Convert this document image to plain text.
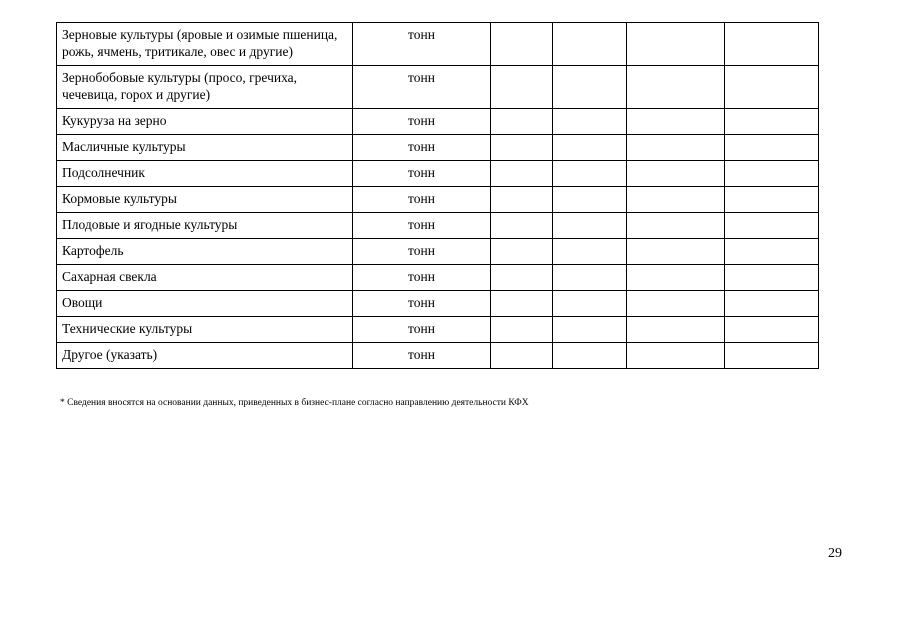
Зерновые культуры (яровые и озимые пшеница, рожь, ячмень, тритикале, овес и другие)	тонн				
Зернобобовые культуры (просо, гречиха, чечевица, горох и другие)	тонн				
Кукуруза на зерно	тонн				
Масличные культуры	тонн				
Подсолнечник	тонн				
Кормовые культуры	тонн				
Плодовые и ягодные культуры	тонн				
Картофель	тонн				
Сахарная свекла	тонн				
Овощи	тонн				
Технические культуры	тонн				
Другое (указать)	тонн				
* Сведения вносятся на основании данных, приведенных в бизнес-плане согласно направлению деятельности КФХ
29
